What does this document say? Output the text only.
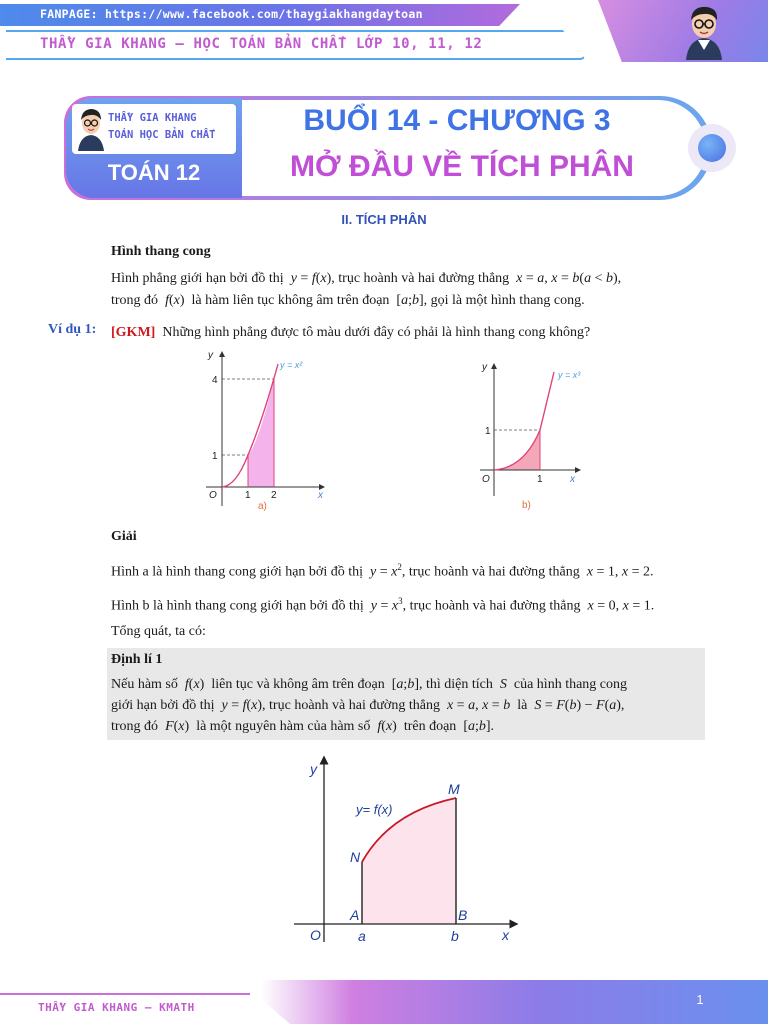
FANPAGE: https://www.facebook.com/thaygiakhangdaytoan
THẦY GIA KHANG – HỌC TOÁN BẢN CHẤT LỚP 10, 11, 12
THẦY GIA KHANG
TOÁN HỌC BẢN CHẤT
TOÁN 12
BUỔI 14 - CHƯƠNG 3
MỞ ĐẦU VỀ TÍCH PHÂN
II. TÍCH PHÂN
Hình thang cong
Hình phẳng giới hạn bởi đồ thị  y = f(x), trục hoành và hai đường thẳng x = a, x = b(a < b),
trong đó f(x)  là hàm liên tục không âm trên đoạn  [a;b], gọi là một hình thang cong.
Ví dụ 1: [GKM] Những hình phẳng được tô màu dưới đây có phải là hình thang cong không?
y
x
O	1 2
1
4
y = x²
a)
y
x
O	1
1
y = x³
b)
Giải
Hình a là hình thang cong giới hạn bởi đồ thị $y = x^2$, trục hoành và hai đường thẳng x = 1, x = 2.
Hình b là hình thang cong giới hạn bởi đồ thị $y = x^3$, trục hoành và hai đường thẳng x = 0, x = 1.
Tổng quát, ta có:
Định lí 1
Nếu hàm số f(x)  liên tục và không âm trên đoạn  [a;b], thì diện tích S của hình thang cong
giới hạn bởi đồ thị y = f(x), trục hoành và hai đường thẳng x = a, x = b là S = F(b) − F(a),
trong đó F(x)  là một nguyên hàm của hàm số f(x)  trên đoạn  [a;b].
y
x
O	a	b
A	B
N
M
y= f(x)
THẦY GIA KHANG – KMATH
1
